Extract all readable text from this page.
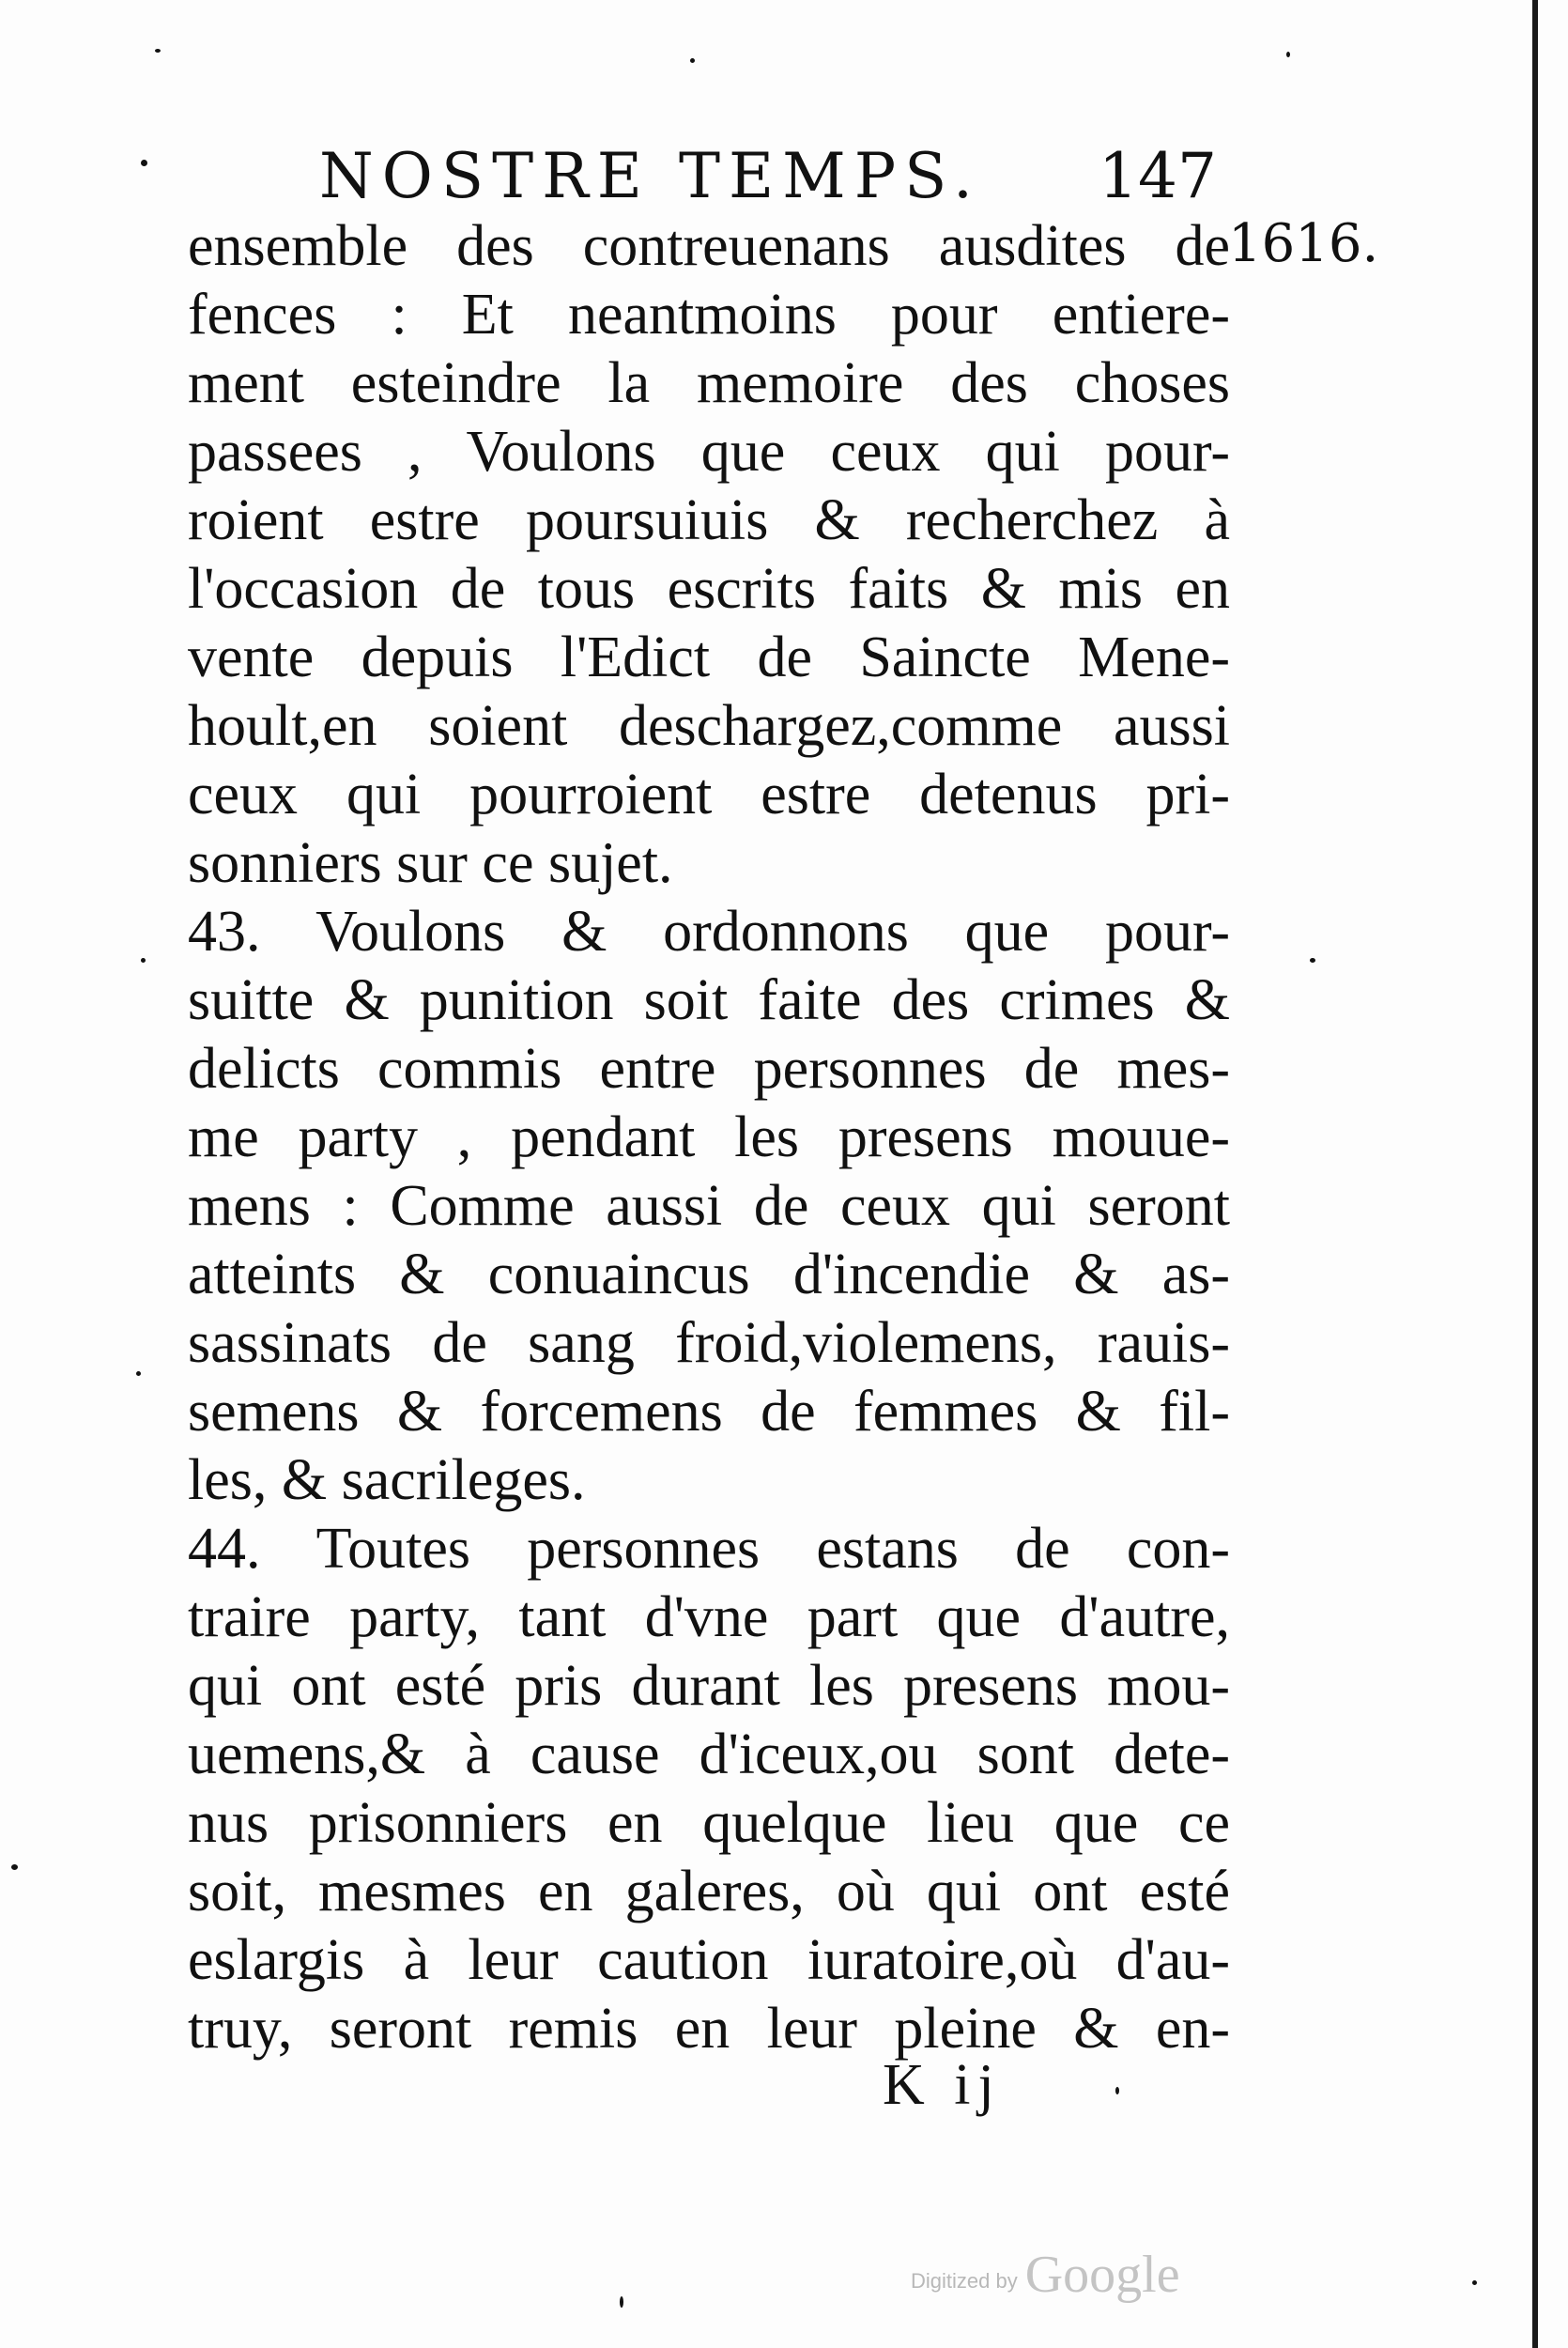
NOSTRE TEMPS. 147
1616.
ensemble des contreuenans ausdites de
fences : Et neantmoins pour entiere-
ment esteindre la memoire des choses
passees , Voulons que ceux qui pour-
roient estre poursuiuis & recherchez à
l'occasion de tous escrits faits & mis en
vente depuis l'Edict de Saincte Mene-
hoult,en soient deschargez,comme aussi
ceux qui pourroient estre detenus pri-
sonniers sur ce sujet.
43. Voulons & ordonnons que pour-
suitte & punition soit faite des crimes &
delicts commis entre personnes de mes-
me party , pendant les presens mouue-
mens : Comme aussi de ceux qui seront
atteints & conuaincus d'incendie & as-
sassinats de sang froid,violemens, rauis-
semens & forcemens de femmes & fil-
les, & sacrileges.
44. Toutes personnes estans de con-
traire party, tant d'vne part que d'autre,
qui ont esté pris durant les presens mou-
uemens,& à cause d'iceux,ou sont dete-
nus prisonniers en quelque lieu que ce
soit, mesmes en galeres, où qui ont esté
eslargis à leur caution iuratoire,où d'au-
truy, seront remis en leur pleine & en-
K ij
Digitized by Google
